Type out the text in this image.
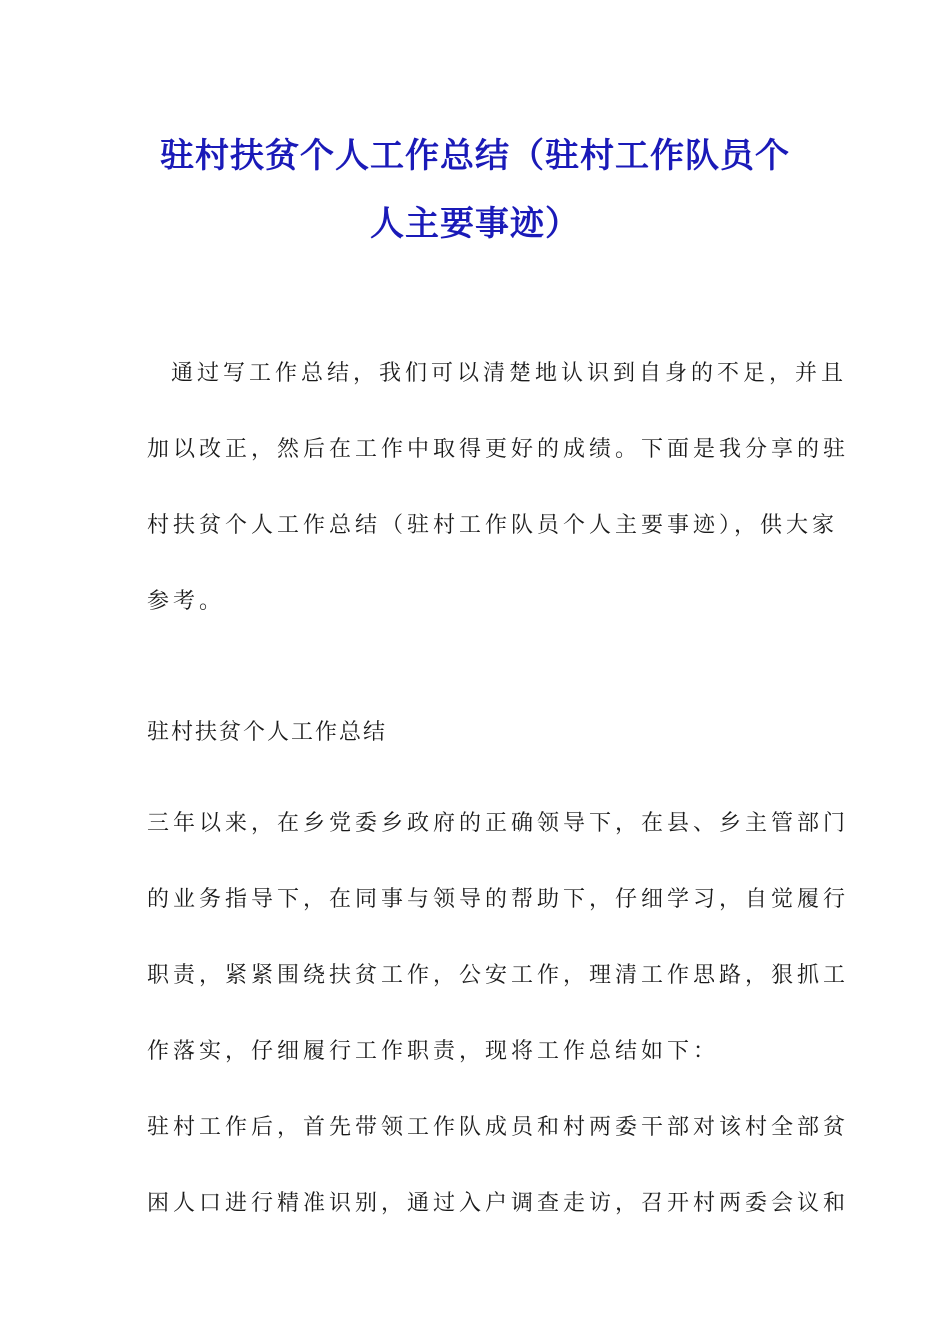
驻村扶贫个人工作总结（驻村工作队员个
人主要事迹）
通过写工作总结，我们可以清楚地认识到自身的不足，并且
加以改正，然后在工作中取得更好的成绩。下面是我分享的驻
村扶贫个人工作总结（驻村工作队员个人主要事迹），供大家
参考。
驻村扶贫个人工作总结
三年以来，在乡党委乡政府的正确领导下，在县、乡主管部门
的业务指导下，在同事与领导的帮助下，仔细学习，自觉履行
职责，紧紧围绕扶贫工作，公安工作，理清工作思路，狠抓工
作落实，仔细履行工作职责，现将工作总结如下：
驻村工作后，首先带领工作队成员和村两委干部对该村全部贫
困人口进行精准识别，通过入户调查走访，召开村两委会议和
